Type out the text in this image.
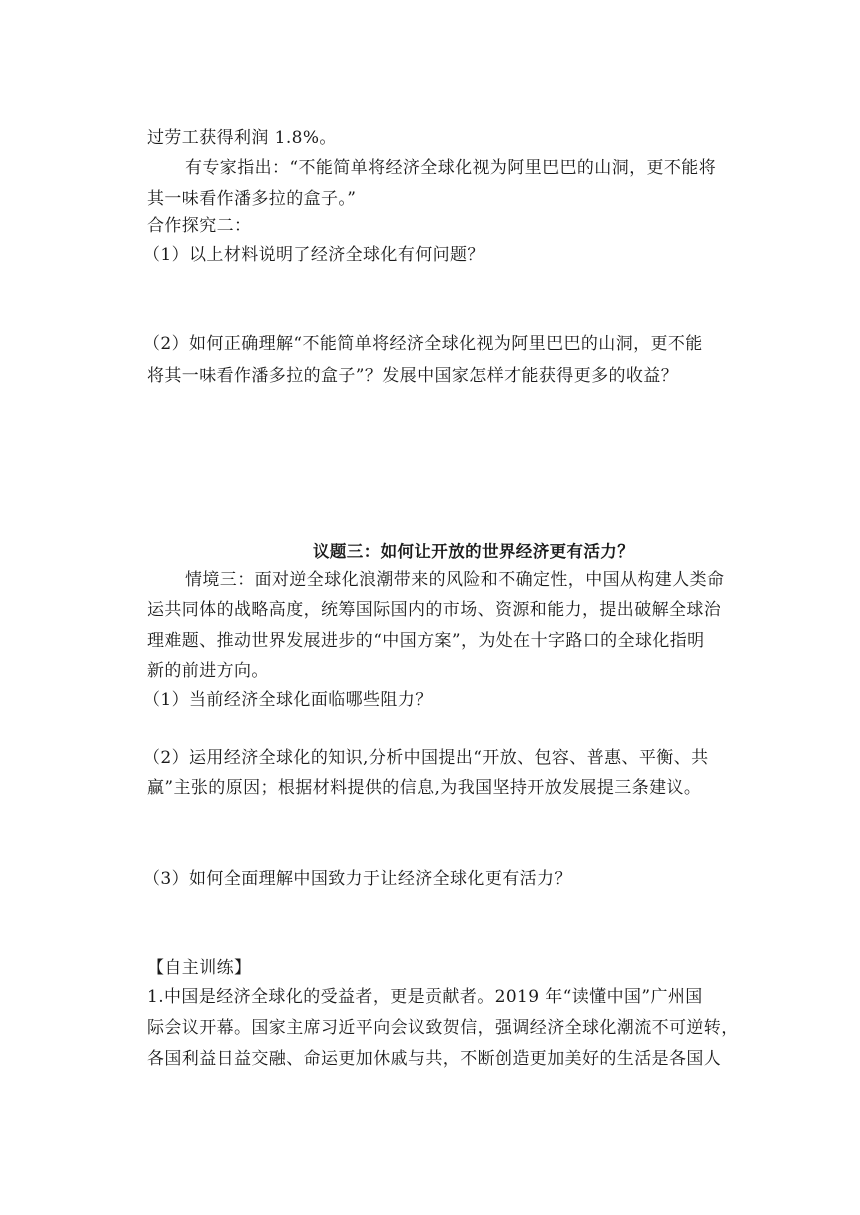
过劳工获得利润 1.8%。
有专家指出：“不能简单将经济全球化视为阿里巴巴的山洞，更不能将
其一味看作潘多拉的盒子。”
合作探究二：
（1）以上材料说明了经济全球化有何问题？
（2）如何正确理解“不能简单将经济全球化视为阿里巴巴的山洞，更不能
将其一味看作潘多拉的盒子”？发展中国家怎样才能获得更多的收益？
议题三：如何让开放的世界经济更有活力？
情境三：面对逆全球化浪潮带来的风险和不确定性，中国从构建人类命
运共同体的战略高度，统筹国际国内的市场、资源和能力，提出破解全球治
理难题、推动世界发展进步的“中国方案”，为处在十字路口的全球化指明
新的前进方向。
（1）当前经济全球化面临哪些阻力？
（2）运用经济全球化的知识,分析中国提出“开放、包容、普惠、平衡、共
赢”主张的原因；根据材料提供的信息,为我国坚持开放发展提三条建议。
（3）如何全面理解中国致力于让经济全球化更有活力？
【自主训练】
1.中国是经济全球化的受益者，更是贡献者。2019 年“读懂中国”广州国
际会议开幕。国家主席习近平向会议致贺信，强调经济全球化潮流不可逆转，
各国利益日益交融、命运更加休戚与共，不断创造更加美好的生活是各国人
